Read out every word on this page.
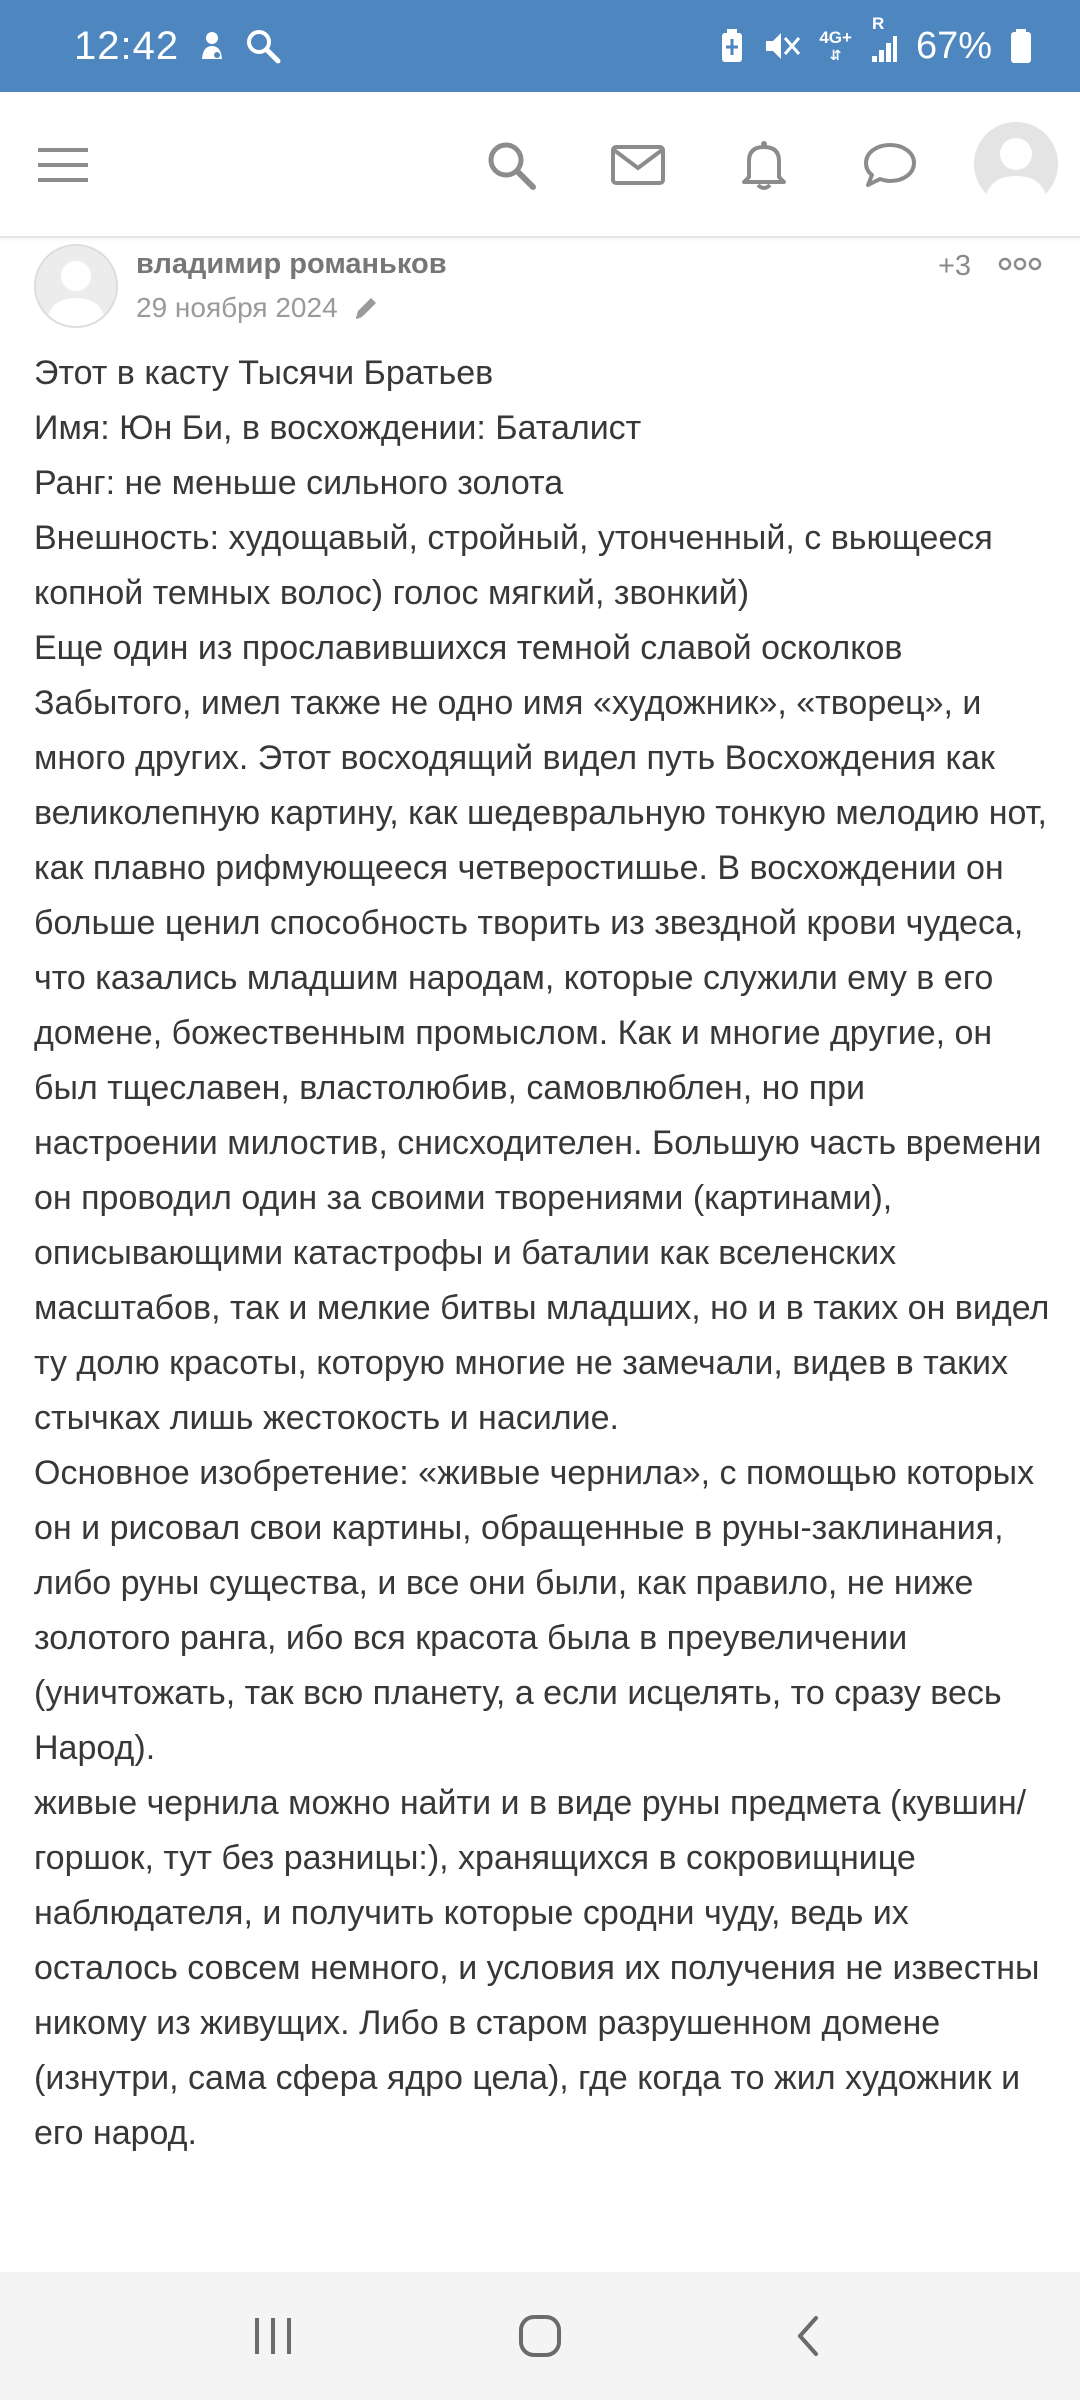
12:42	4G+
⇵
R
67%
владимир романьков
29 ноября 2024
+3

Этот в касту Тысячи Братьев

Имя: Юн Би, в восхождении: Баталист

Ранг: не меньше сильного золота

Внешность: худощавый, стройный, утонченный, с вьющееся копной темных волос) голос мягкий, звонкий)

Еще один из прославившихся темной славой осколков Забытого, имел также не одно имя «художник», «творец», и много других. Этот восходящий видел путь Восхождения как великолепную картину, как шедевральную тонкую мелодию нот, как плавно рифмующееся четверостишье. В восхождении он больше ценил способность творить из звездной крови чудеса, что казались младшим народам, которые служили ему в его домене, божественным промыслом. Как и многие другие, он был тщеславен, властолюбив, самовлюблен, но при настроении милостив, снисходителен. Большую часть времени он проводил один за своими творениями (картинами), описывающими катастрофы и баталии как вселенских масштабов, так и мелкие битвы младших, но и в таких он видел ту долю красоты, которую многие не замечали, видев в таких стычках лишь жестокость и насилие.

Основное изобретение: «живые чернила», с помощью которых он и рисовал свои картины, обращенные в руны-заклинания, либо руны существа, и все они были, как правило, не ниже золотого ранга, ибо вся красота была в преувеличении (уничтожать, так всю планету, а если исцелять, то сразу весь Народ).

живые чернила можно найти и в виде руны предмета (кувшин/горшок, тут без разницы:), хранящихся в сокровищнице наблюдателя, и получить которые сродни чуду, ведь их осталось совсем немного, и условия их получения не известны никому из живущих. Либо в старом разрушенном домене (изнутри, сама сфера ядро цела), где когда то жил художник и его народ.
